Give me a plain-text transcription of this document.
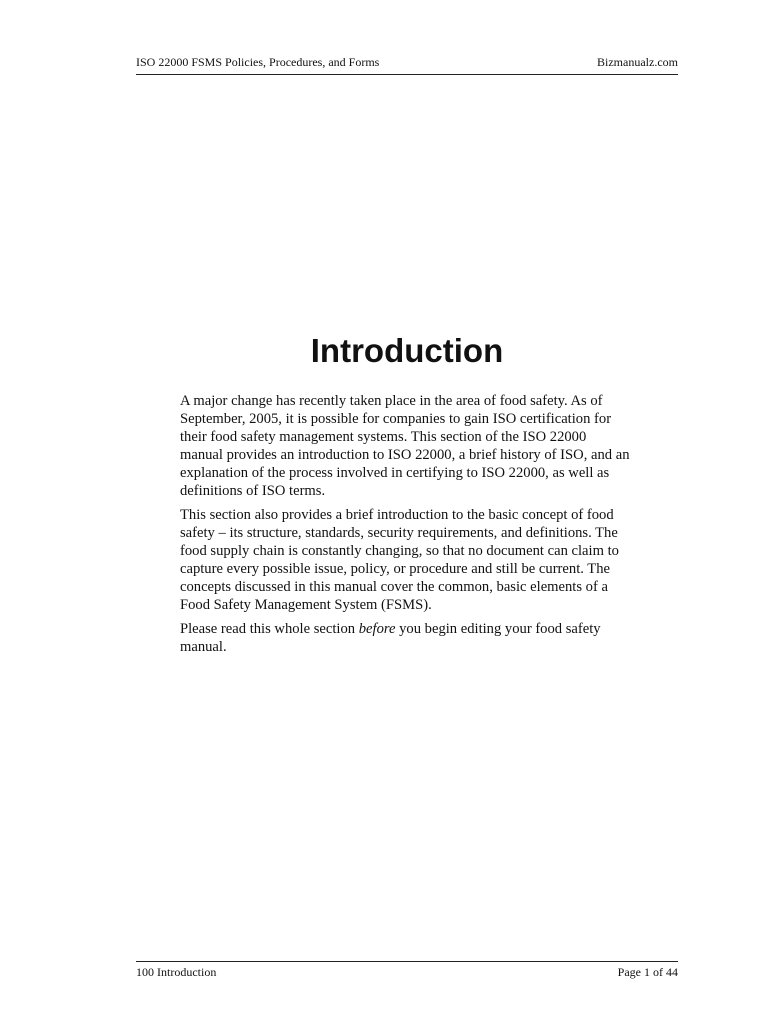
ISO 22000 FSMS Policies, Procedures, and Forms	Bizmanualz.com
Introduction

A major change has recently taken place in the area of food safety. As of September, 2005, it is possible for companies to gain ISO certification for their food safety management systems. This section of the ISO 22000 manual provides an introduction to ISO 22000, a brief history of ISO, and an explanation of the process involved in certifying to ISO 22000, as well as definitions of ISO terms.

This section also provides a brief introduction to the basic concept of food safety – its structure, standards, security requirements, and definitions. The food supply chain is constantly changing, so that no document can claim to capture every possible issue, policy, or procedure and still be current. The concepts discussed in this manual cover the common, basic elements of a Food Safety Management System (FSMS).

Please read this whole section before you begin editing your food safety manual.

100 Introduction	Page 1 of 44
